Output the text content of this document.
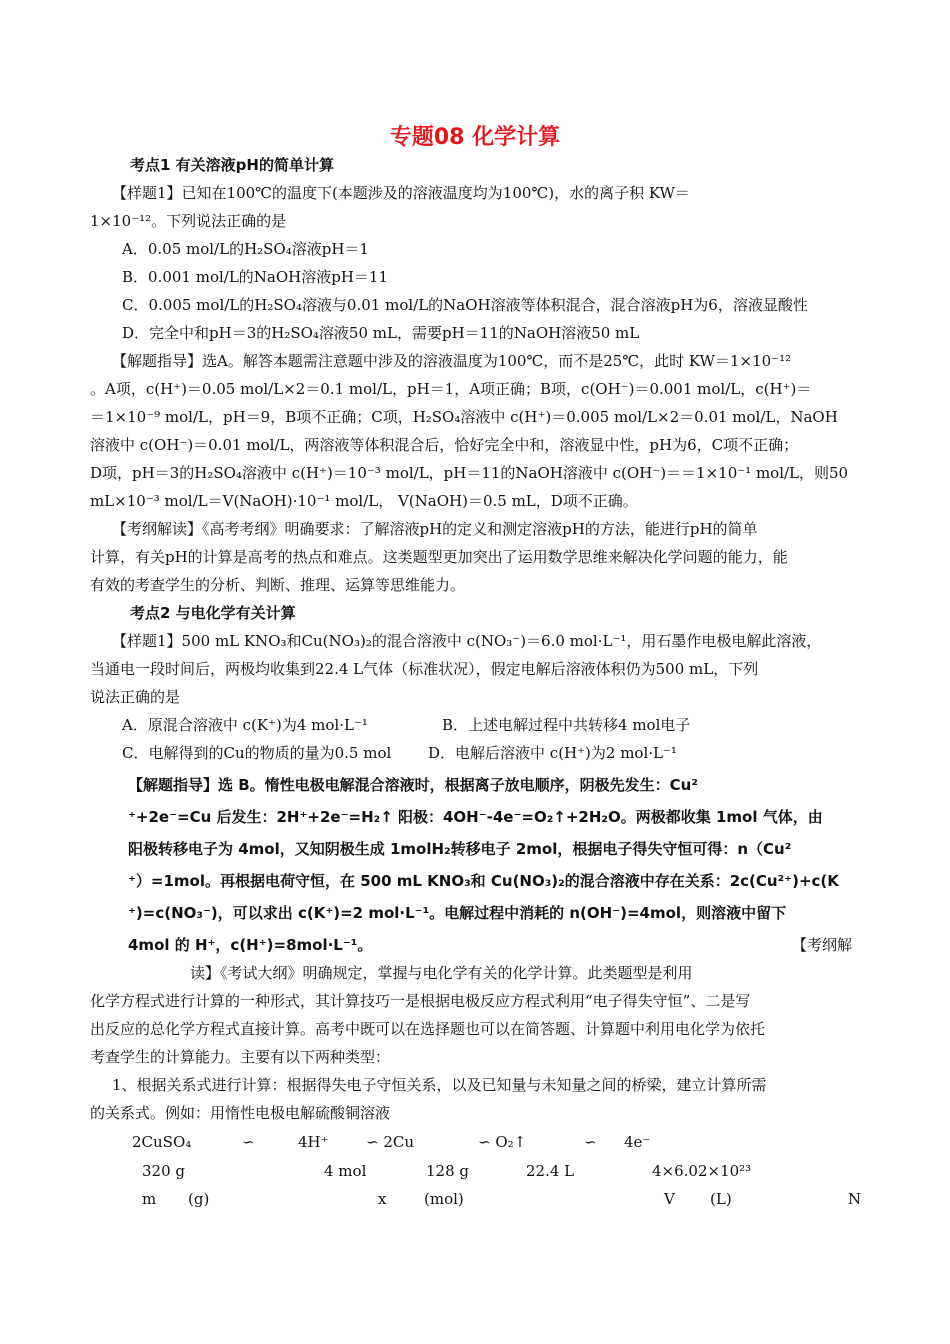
专题08 化学计算
考点1 有关溶液pH的简单计算
【样题1】已知在100℃的温度下(本题涉及的溶液温度均为100℃)，水的离子积 KW＝
1×10⁻¹²。下列说法正确的是
A．0.05 mol/L的H₂SO₄溶液pH＝1
B．0.001 mol/L的NaOH溶液pH＝11
C．0.005 mol/L的H₂SO₄溶液与0.01 mol/L的NaOH溶液等体积混合，混合溶液pH为6，溶液显酸性
D．完全中和pH＝3的H₂SO₄溶液50 mL，需要pH＝11的NaOH溶液50 mL
【解题指导】选A。解答本题需注意题中涉及的溶液温度为100℃，而不是25℃，此时 KW＝1×10⁻¹²
。A项，c(H⁺)＝0.05 mol/L×2＝0.1 mol/L，pH＝1，A项正确；B项，c(OH⁻)＝0.001 mol/L，c(H⁺)＝
＝1×10⁻⁹ mol/L，pH＝9，B项不正确；C项，H₂SO₄溶液中 c(H⁺)＝0.005 mol/L×2＝0.01 mol/L，NaOH
溶液中 c(OH⁻)＝0.01 mol/L，两溶液等体积混合后，恰好完全中和，溶液显中性，pH为6，C项不正确；
D项，pH＝3的H₂SO₄溶液中 c(H⁺)＝10⁻³ mol/L，pH＝11的NaOH溶液中 c(OH⁻)＝＝1×10⁻¹ mol/L，则50
mL×10⁻³ mol/L＝V(NaOH)·10⁻¹ mol/L， V(NaOH)＝0.5 mL，D项不正确。
【考纲解读】《高考考纲》明确要求：了解溶液pH的定义和测定溶液pH的方法，能进行pH的简单
计算，有关pH的计算是高考的热点和难点。这类题型更加突出了运用数学思维来解决化学问题的能力，能
有效的考查学生的分析、判断、推理、运算等思维能力。
考点2 与电化学有关计算
【样题1】500 mL KNO₃和Cu(NO₃)₂的混合溶液中 c(NO₃⁻)＝6.0 mol·L⁻¹，用石墨作电极电解此溶液，
当通电一段时间后，两极均收集到22.4 L气体（标准状况），假定电解后溶液体积仍为500 mL，下列
说法正确的是
A．原混合溶液中 c(K⁺)为4 mol·L⁻¹	B．上述电解过程中共转移4 mol电子
C．电解得到的Cu的物质的量为0.5 mol D．电解后溶液中 c(H⁺)为2 mol·L⁻¹
【解题指导】选 B。惰性电极电解混合溶液时，根据离子放电顺序，阴极先发生：Cu²
⁺+2e⁻=Cu 后发生：2H⁺+2e⁻=H₂↑ 阳极：4OH⁻-4e⁻=O₂↑+2H₂O。两极都收集 1mol 气体，由
阳极转移电子为 4mol，又知阴极生成 1molH₂转移电子 2mol，根据电子得失守恒可得：n（Cu²
⁺）=1mol。再根据电荷守恒，在 500 mL KNO₃和 Cu(NO₃)₂的混合溶液中存在关系：2c(Cu²⁺)+c(K
⁺)=c(NO₃⁻)，可以求出 c(K⁺)=2 mol·L⁻¹。电解过程中消耗的 n(OH⁻)=4mol，则溶液中留下
4mol 的 H⁺，c(H⁺)=8mol·L⁻¹。	【考纲解
读】《考试大纲》明确规定，掌握与电化学有关的化学计算。此类题型是利用
化学方程式进行计算的一种形式，其计算技巧一是根据电极反应方程式利用“电子得失守恒”、二是写
出反应的总化学方程式直接计算。高考中既可以在选择题也可以在简答题、计算题中利用电化学为依托
考查学生的计算能力。主要有以下两种类型：
1、根据关系式进行计算：根据得失电子守恒关系，以及已知量与未知量之间的桥梁，建立计算所需
的关系式。例如：用惰性电极电解硫酸铜溶液
2CuSO₄	∽	4H⁺ ∽ 2Cu	∽ O₂↑	∽ 4e⁻
320 g	4 mol	128 g	22.4 L	4×6.02×10²³
m (g)	x	(mol)	V (L)	N
